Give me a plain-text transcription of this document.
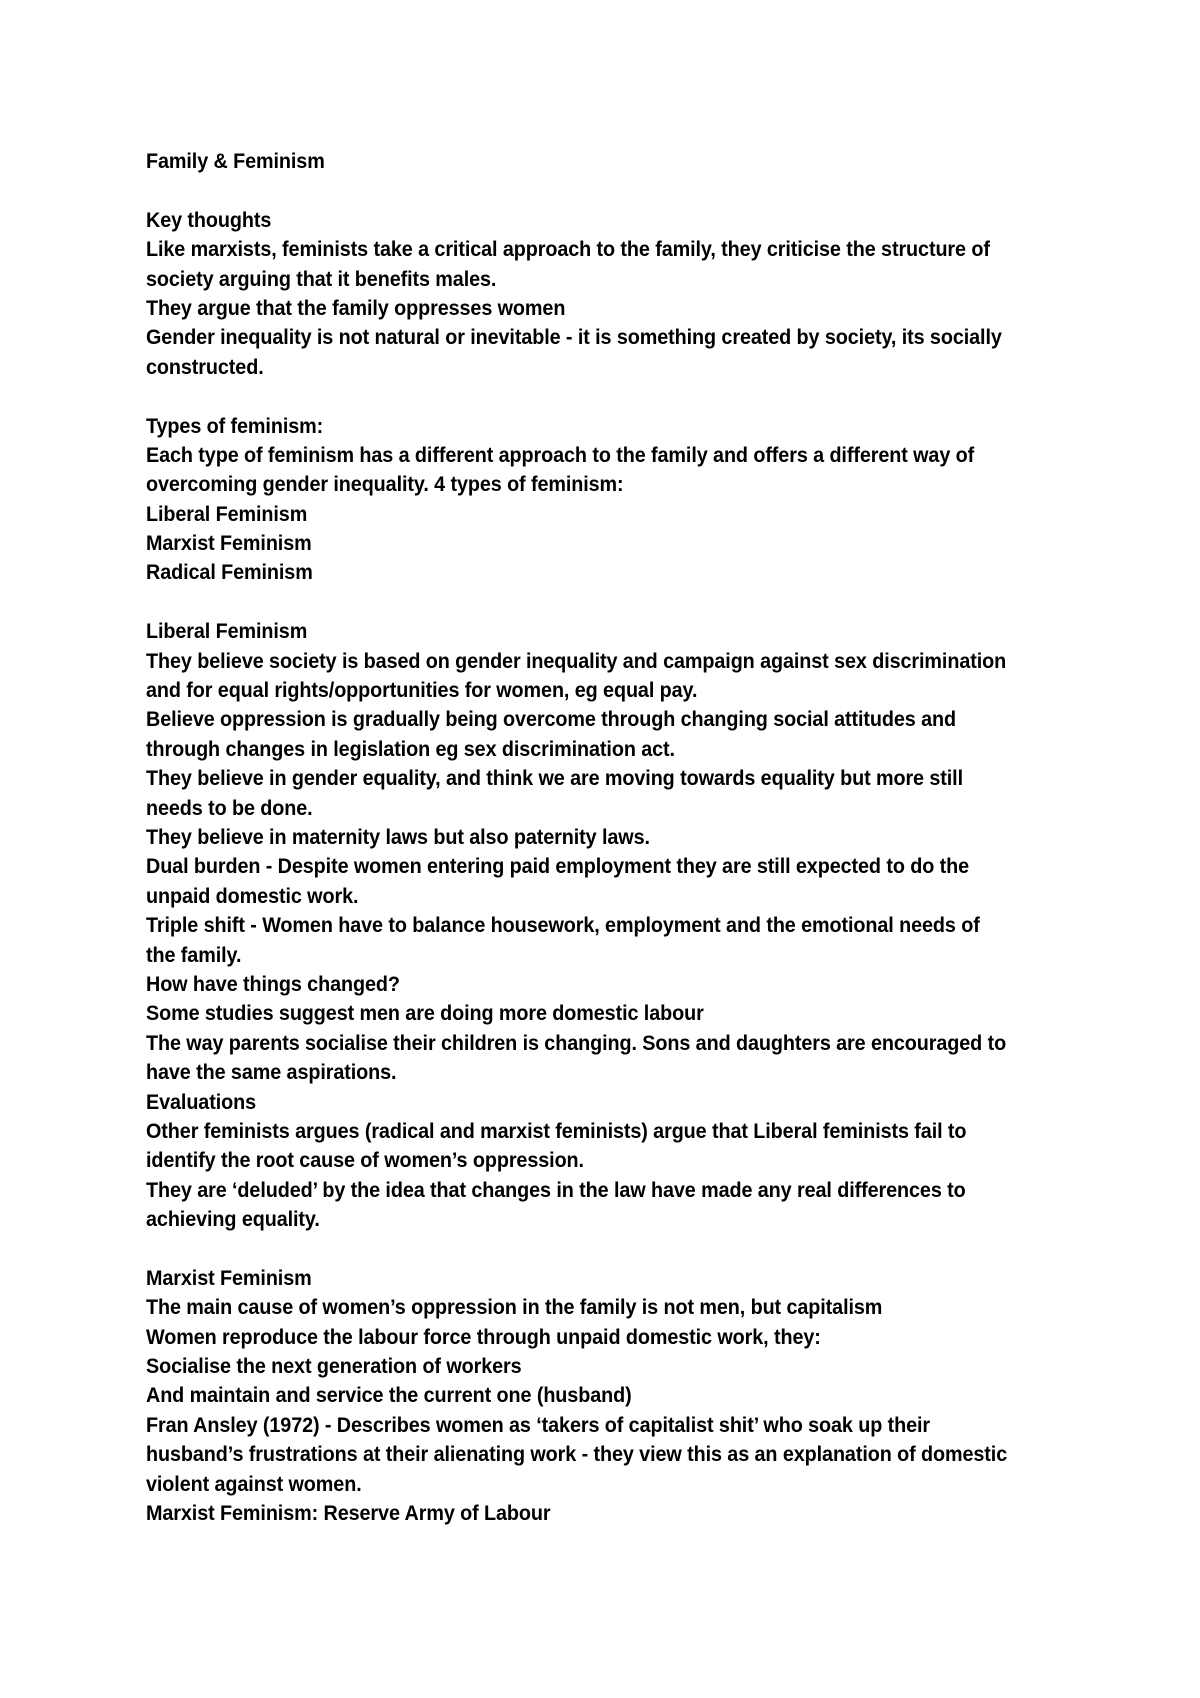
Family & Feminism
Key thoughts
Like marxists, feminists take a critical approach to the family, they criticise the structure of
society arguing that it benefits males.
They argue that the family oppresses women
Gender inequality is not natural or inevitable - it is something created by society, its socially
constructed.
Types of feminism:
Each type of feminism has a different approach to the family and offers a different way of
overcoming gender inequality. 4 types of feminism:
Liberal Feminism
Marxist Feminism
Radical Feminism
Liberal Feminism
They believe society is based on gender inequality and campaign against sex discrimination
and for equal rights/opportunities for women, eg equal pay.
Believe oppression is gradually being overcome through changing social attitudes and
through changes in legislation eg sex discrimination act.
They believe in gender equality, and think we are moving towards equality but more still
needs to be done.
They believe in maternity laws but also paternity laws.
Dual burden - Despite women entering paid employment they are still expected to do the
unpaid domestic work.
Triple shift - Women have to balance housework, employment and the emotional needs of
the family.
How have things changed?
Some studies suggest men are doing more domestic labour
The way parents socialise their children is changing. Sons and daughters are encouraged to
have the same aspirations.
Evaluations
Other feminists argues (radical and marxist feminists) argue that Liberal feminists fail to
identify the root cause of women’s oppression.
They are ‘deluded’ by the idea that changes in the law have made any real differences to
achieving equality.
Marxist Feminism
The main cause of women’s oppression in the family is not men, but capitalism
Women reproduce the labour force through unpaid domestic work, they:
Socialise the next generation of workers
And maintain and service the current one (husband)
Fran Ansley (1972) - Describes women as ‘takers of capitalist shit’ who soak up their
husband’s frustrations at their alienating work - they view this as an explanation of domestic
violent against women.
Marxist Feminism: Reserve Army of Labour
